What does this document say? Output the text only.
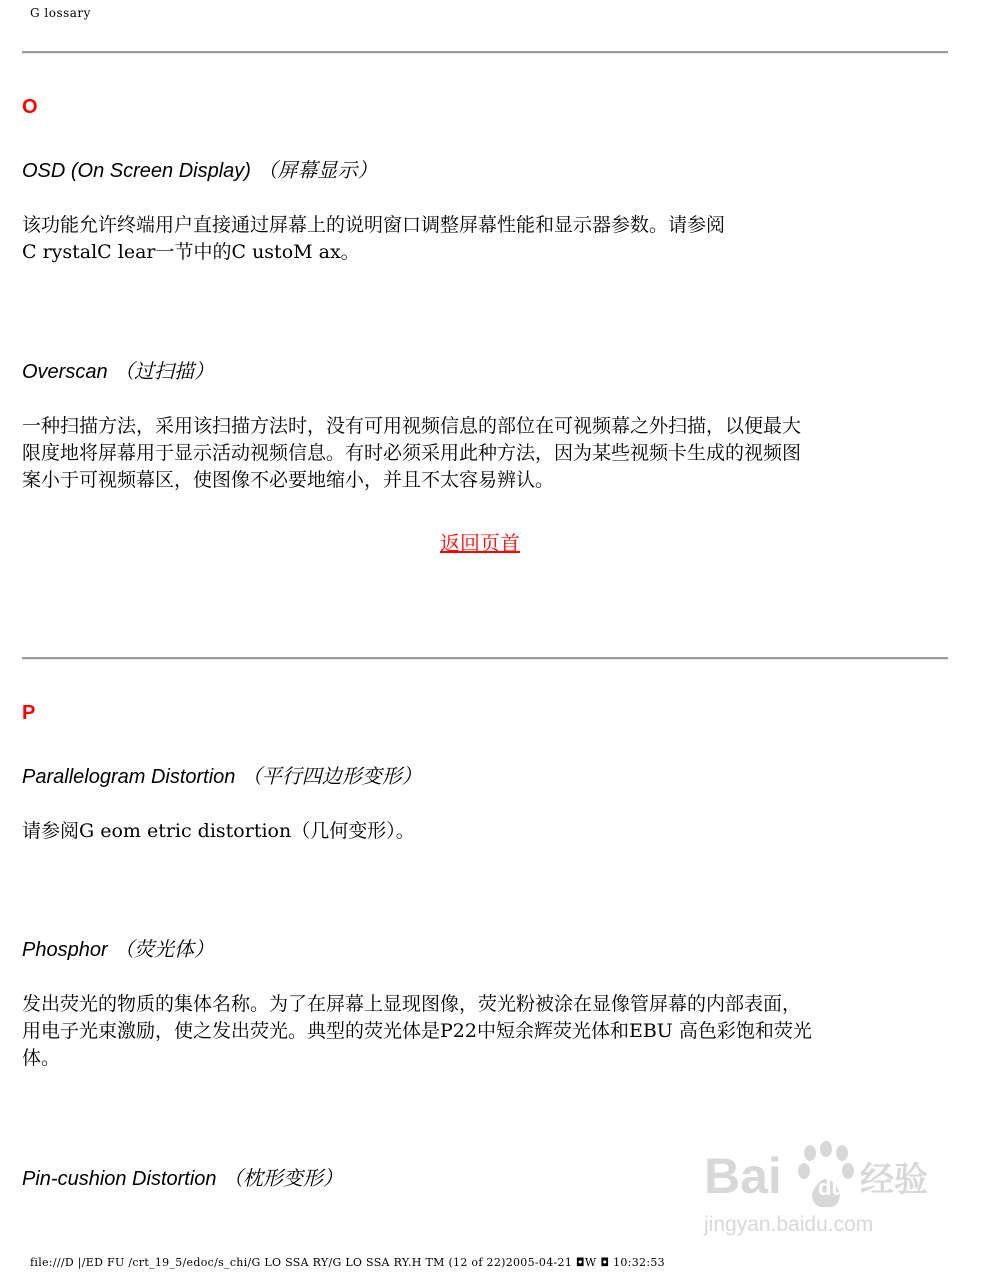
G lossary
O
OSD (On Screen Display) （屏幕显示）
该功能允许终端用户直接通过屏幕上的说明窗口调整屏幕性能和显示器参数。请参阅
C rystalC lear一节中的C ustoM ax。
Overscan （过扫描）
一种扫描方法，采用该扫描方法时，没有可用视频信息的部位在可视频幕之外扫描，以便最大
限度地将屏幕用于显示活动视频信息。有时必须采用此种方法，因为某些视频卡生成的视频图
案小于可视频幕区，使图像不必要地缩小，并且不太容易辨认。
返回页首
P
Parallelogram Distortion （平行四边形变形）
请参阅G eom etric distortion（几何变形）。
Phosphor （荧光体）
发出荧光的物质的集体名称。为了在屏幕上显现图像，荧光粉被涂在显像管屏幕的内部表面，
用电子光束激励，使之发出荧光。典型的荧光体是P22中短余辉荧光体和EBU 高色彩饱和荧光
体。
Pin-cushion Distortion （枕形变形）	Bai du 经验
jingyan.baidu.com
file:///D |/ED FU /crt_19_5/edoc/s_chi/G LO SSA RY/G LO SSA RY.H TM (12 of 22)2005-04-21 ◘W ◘ 10:32:53
